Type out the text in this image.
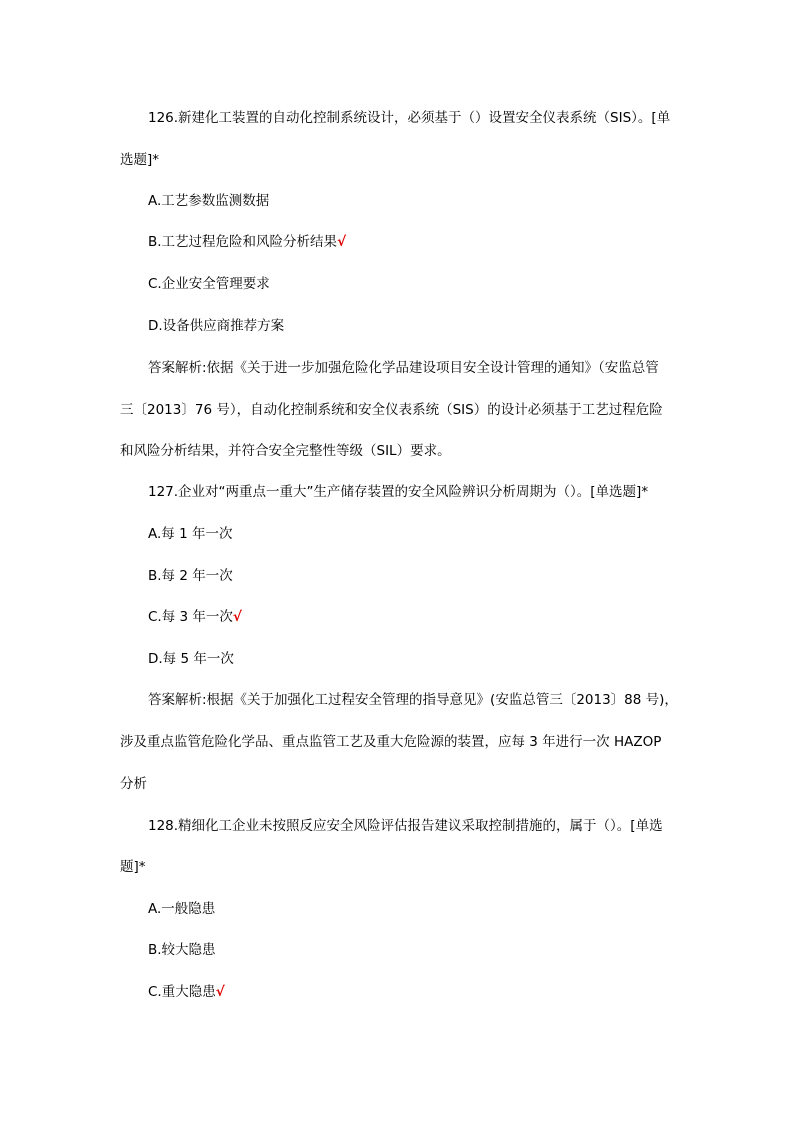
126.新建化工装置的自动化控制系统设计，必须基于（）设置安全仪表系统（SIS）。[单
选题]*
A.工艺参数监测数据
B.工艺过程危险和风险分析结果√
C.企业安全管理要求
D.设备供应商推荐方案
答案解析:依据《关于进一步加强危险化学品建设项目安全设计管理的通知》（安监总管
三〔2013〕76 号），自动化控制系统和安全仪表系统（SIS）的设计必须基于工艺过程危险
和风险分析结果，并符合安全完整性等级（SIL）要求。
127.企业对“两重点一重大”生产储存装置的安全风险辨识分析周期为（）。[单选题]*
A.每 1 年一次
B.每 2 年一次
C.每 3 年一次√
D.每 5 年一次
答案解析:根据《关于加强化工过程安全管理的指导意见》(安监总管三〔2013〕88 号)，
涉及重点监管危险化学品、重点监管工艺及重大危险源的装置，应每 3 年进行一次 HAZOP
分析
128.精细化工企业未按照反应安全风险评估报告建议采取控制措施的，属于（）。[单选
题]*
A.一般隐患
B.较大隐患
C.重大隐患√
